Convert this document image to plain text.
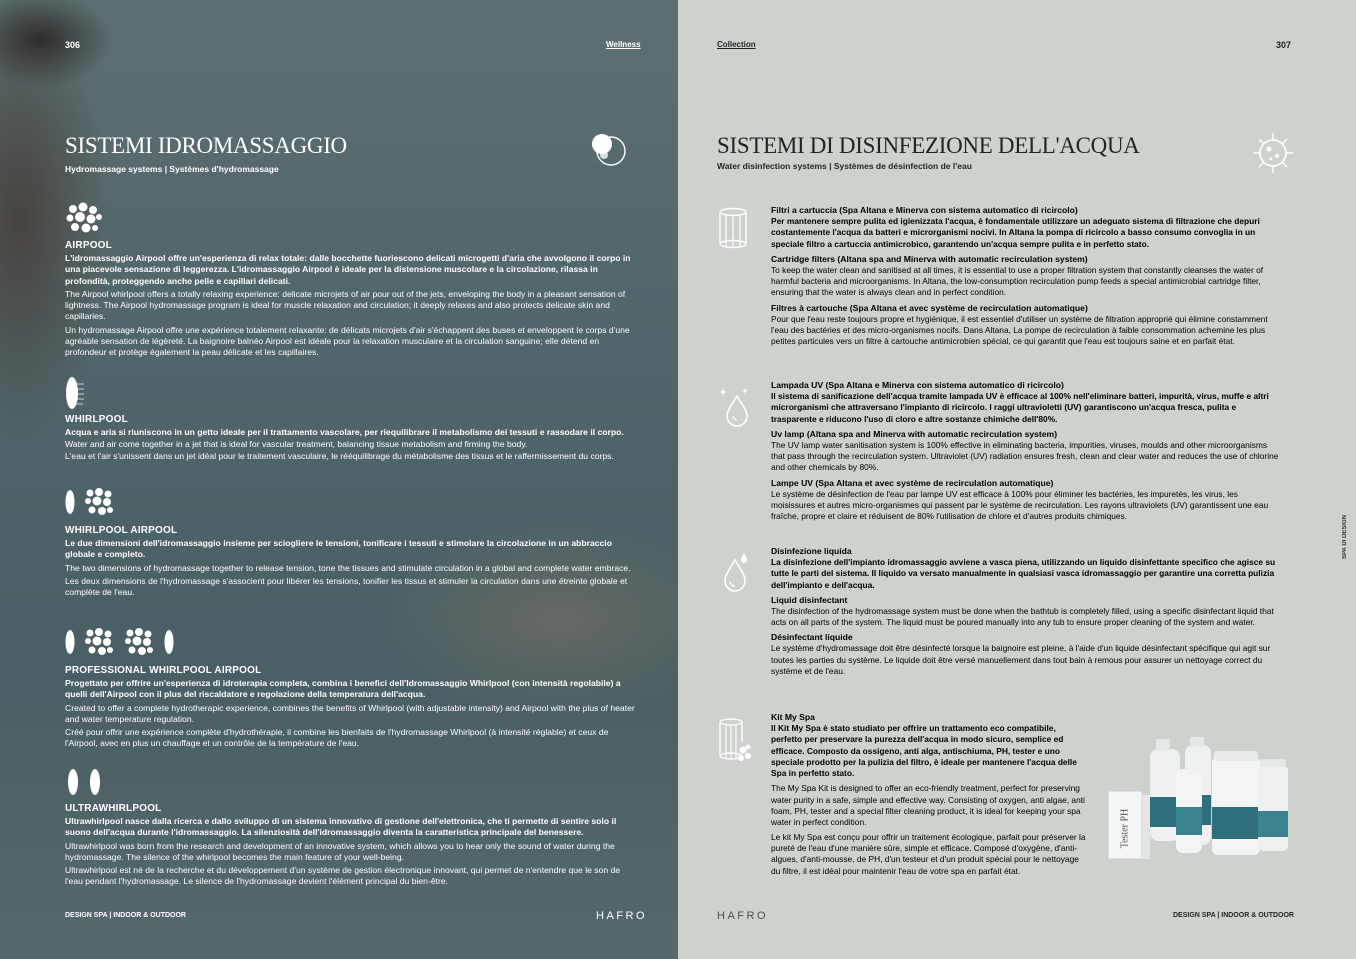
306	Wellness
SISTEMI IDROMASSAGGIO
Hydromassage systems | Systèmes d'hydromassage
AIRPOOL

L'idromassaggio Airpool offre un'esperienza di relax totale: dalle bocchette fuoriescono delicati microgetti d'aria che avvolgono il corpo in una piacevole sensazione di leggerezza. L'idromassaggio Airpool è ideale per la distensione muscolare e la circolazione, rilassa in profondità, proteggendo anche pelle e capillari delicati.

The Airpool whirlpool offers a totally relaxing experience: delicate microjets of air pour out of the jets, enveloping the body in a pleasant sensation of lightness. The Airpool hydromassage program is ideal for muscle relaxation and circulation; it deeply relaxes and also protects delicate skin and capillaries.

Un hydromassage Airpool offre une expérience totalement relaxante: de délicats microjets d'air s'échappent des buses et enveloppent le corps d'une agréable sensation de légèreté. La baignoire balnéo Airpool est idéale pour la relaxation musculaire et la circulation sanguine; elle détend en profondeur et protège également la peau délicate et les capillaires.

WHIRLPOOL

Acqua e aria si riuniscono in un getto ideale per il trattamento vascolare, per riequilibrare il metabolismo dei tessuti e rassodare il corpo.

Water and air come together in a jet that is ideal for vascular treatment, balancing tissue metabolism and firming the body.

L'eau et l'air s'unissent dans un jet idéal pour le traitement vasculaire, le rééquilibrage du métabolisme des tissus et le raffermissement du corps.

WHIRLPOOL AIRPOOL

Le due dimensioni dell'idromassaggio insieme per sciogliere le tensioni, tonificare i tessuti e stimolare la circolazione in un abbraccio globale e completo.

The two dimensions of hydromassage together to release tension, tone the tissues and stimulate circulation in a global and complete water embrace.

Les deux dimensions de l'hydromassage s'associent pour libérer les tensions, tonifier les tissus et stimuler la circulation dans une étreinte globale et complète de l'eau.

PROFESSIONAL WHIRLPOOL AIRPOOL

Progettato per offrire un'esperienza di idroterapia completa, combina i benefici dell'Idromassaggio Whirlpool (con intensità regolabile) a quelli dell'Airpool con il plus del riscaldatore e regolazione della temperatura dell'acqua.

Created to offer a complete hydrotherapic experience, combines the benefits of Whirlpool (with adjustable intensity) and Airpool with the plus of heater and water temperature regulation.

Créé pour offrir une expérience complète d'hydrothérapie, il combine les bienfaits de l'hydromassage Whirlpool (à intensité réglable) et ceux de l'Airpool, avec en plus un chauffage et un contrôle de la température de l'eau.

ULTRAWHIRLPOOL

Ultrawhirlpool nasce dalla ricerca e dallo sviluppo di un sistema innovativo di gestione dell'elettronica, che ti permette di sentire solo il suono dell'acqua durante l'idromassaggio. La silenziosità dell'idromassaggio diventa la caratteristica principale del benessere.

Ultrawhirlpool was born from the research and development of an innovative system, which allows you to hear only the sound of water during the hydromassage. The silence of the whirlpool becomes the main feature of your well-being.

Ultrawhirlpool est né de la recherche et du développement d'un système de gestion électronique innovant, qui permet de n'entendre que le son de l'eau pendant l'hydromassage. Le silence de l'hydromassage devient l'élément principal du bien-être.

DESIGN SPA | INDOOR & OUTDOOR	HAFRO
Collection	307
SISTEMI DI DISINFEZIONE DELL'ACQUA
Water disinfection systems | Systèmes de désinfection de l'eau
SPA DI DESIGN
DESIGN SPA | INDOOR & OUTDOOR
HAFRO
Filtri a cartuccia (Spa Altana e Minerva con sistema automatico di ricircolo)

Per mantenere sempre pulita ed igienizzata l'acqua, è fondamentale utilizzare un adeguato sistema di filtrazione che depuri costantemente l'acqua da batteri e microrganismi nocivi. In Altana la pompa di ricircolo a basso consumo convoglia in un speciale filtro a cartuccia antimicrobico, garantendo un'acqua sempre pulita e in perfetto stato.

Cartridge filters (Altana spa and Minerva with automatic recirculation system)

To keep the water clean and sanitised at all times, it is essential to use a proper filtration system that constantly cleanses the water of harmful bacteria and microorganisms. In Altana, the low-consumption recirculation pump feeds a special antimicrobial cartridge filter, ensuring that the water is always clean and in perfect condition.

Filtres à cartouche (Spa Altana et avec système de recirculation automatique)

Pour que l'eau reste toujours propre et hygiénique, il est essentiel d'utiliser un système de filtration approprié qui élimine constamment l'eau des bactéries et des micro-organismes nocifs. Dans Altana, La pompe de recirculation à faible consommation achemine les plus petites particules vers un filtre à cartouche antimicrobien spécial, ce qui garantit que l'eau est toujours saine et en parfait état.

Lampada UV (Spa Altana e Minerva con sistema automatico di ricircolo)

Il sistema di sanificazione dell'acqua tramite lampada UV è efficace al 100% nell'eliminare batteri, impurità, virus, muffe e altri microrganismi che attraversano l'impianto di ricircolo. I raggi ultravioletti (UV) garantiscono un'acqua fresca, pulita e trasparente e riducono l'uso di cloro e altre sostanze chimiche dell'80%.

Uv lamp (Altana spa and Minerva with automatic recirculation system)

The UV lamp water sanitisation system is 100% effective in eliminating bacteria, impurities, viruses, moulds and other microorganisms that pass through the recirculation system. Ultraviolet (UV) radiation ensures fresh, clean and clear water and reduces the use of chlorine and other chemicals by 80%.

Lampe UV (Spa Altana et avec système de recirculation automatique)

Le système de désinfection de l'eau par lampe UV est efficace à 100% pour éliminer les bactéries, les impuretés, les virus, les moisissures et autres micro-organismes qui passent par le système de recirculation. Les rayons ultraviolets (UV) garantissent une eau fraîche, propre et claire et réduisent de 80% l'utilisation de chlore et d'autres produits chimiques.

Disinfezione liquida

La disinfezione dell'impianto idromassaggio avviene a vasca piena, utilizzando un liquido disinfettante specifico che agisce su tutte le parti del sistema. Il liquido va versato manualmente in qualsiasi vasca idromassaggio per garantire una corretta pulizia dell'impianto e dell'acqua.

Liquid disinfectant

The disinfection of the hydromassage system must be done when the bathtub is completely filled, using a specific disinfectant liquid that acts on all parts of the system. The liquid must be poured manually into any tub to ensure proper cleaning of the system and water.

Désinfectant liquide

Le système d'hydromassage doit être désinfecté lorsque la baignoire est pleine, à l'aide d'un liquide désinfectant spécifique qui agit sur toutes les parties du système. Le liquide doit être versé manuellement dans tout bain à remous pour assurer un nettoyage correct du système et de l'eau.

Kit My Spa

Il Kit My Spa è stato studiato per offrire un trattamento eco compatibile, perfetto per preservare la purezza dell'acqua in modo sicuro, semplice ed efficace. Composto da ossigeno, anti alga, antischiuma, PH, tester e uno speciale prodotto per la pulizia del filtro, è ideale per mantenere l'acqua delle Spa in perfetto stato.

The My Spa Kit is designed to offer an eco-friendly treatment, perfect for preserving water purity in a safe, simple and effective way. Consisting of oxygen, anti algae, anti foam, PH, tester and a special filter cleaning product, it is ideal for keeping your spa water in perfect condition.

Le kit My Spa est conçu pour offrir un traitement écologique, parfait pour préserver la pureté de l'eau d'une manière sûre, simple et efficace. Composé d'oxygène, d'anti-algues, d'anti-mousse, de PH, d'un testeur et d'un produit spécial pour le nettoyage du filtre, il est idéal pour maintenir l'eau de votre spa en parfait état.

Tester PH
